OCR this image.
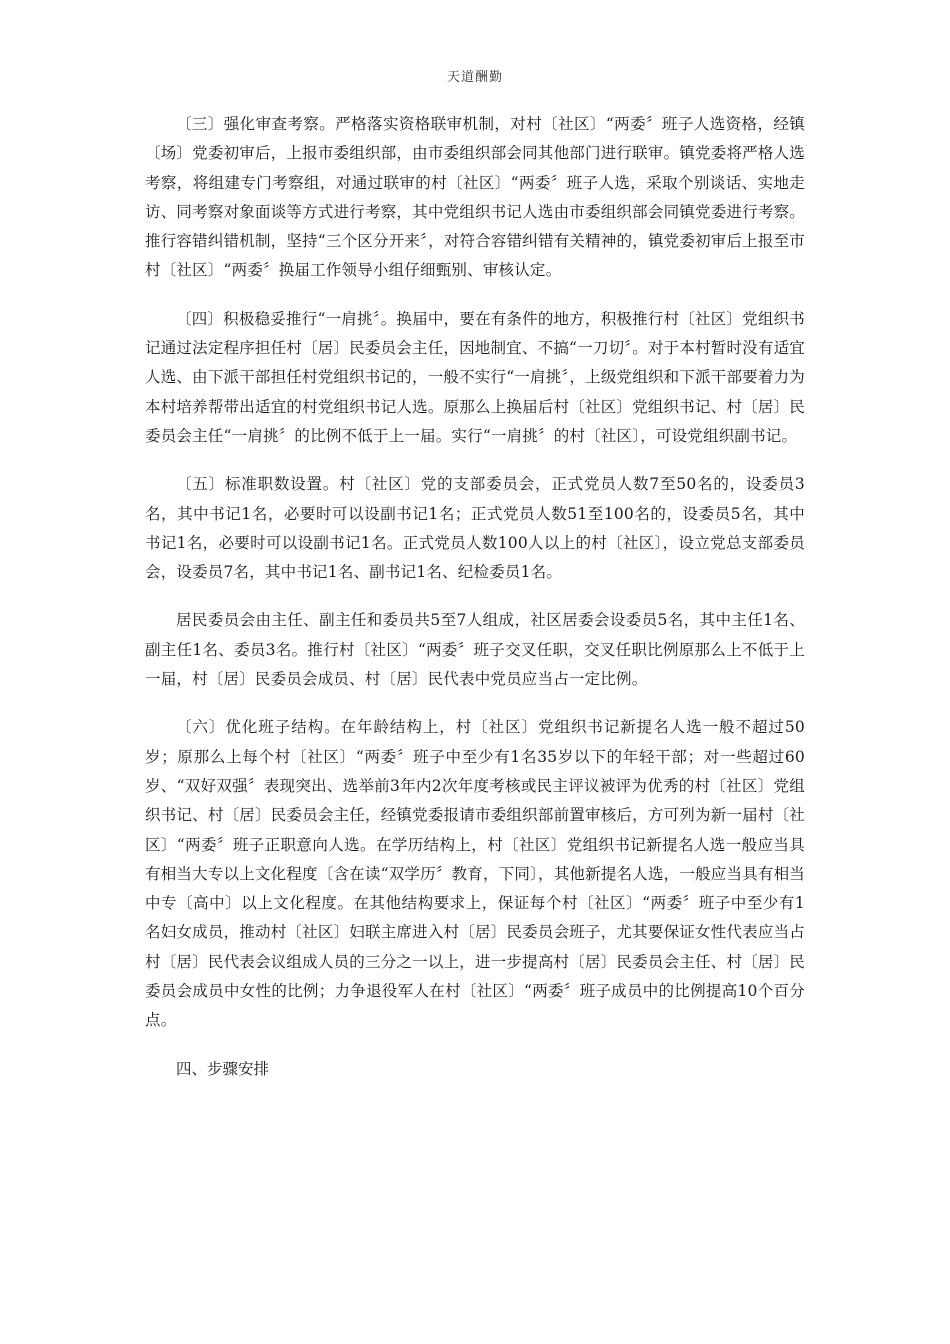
天道酬勤

〔三〕强化审查考察。严格落实资格联审机制，对村〔社区〕“两委〞班子人选资格，经镇〔场〕党委初审后，上报市委组织部，由市委组织部会同其他部门进行联审。镇党委将严格人选考察，将组建专门考察组，对通过联审的村〔社区〕“两委〞班子人选，采取个别谈话、实地走访、同考察对象面谈等方式进行考察，其中党组织书记人选由市委组织部会同镇党委进行考察。推行容错纠错机制，坚持“三个区分开来〞，对符合容错纠错有关精神的，镇党委初审后上报至市村〔社区〕“两委〞换届工作领导小组仔细甄别、审核认定。

〔四〕积极稳妥推行“一肩挑〞。换届中，要在有条件的地方，积极推行村〔社区〕党组织书记通过法定程序担任村〔居〕民委员会主任，因地制宜、不搞“一刀切〞。对于本村暂时没有适宜人选、由下派干部担任村党组织书记的，一般不实行“一肩挑〞，上级党组织和下派干部要着力为本村培养帮带出适宜的村党组织书记人选。原那么上换届后村〔社区〕党组织书记、村〔居〕民委员会主任“一肩挑〞的比例不低于上一届。实行“一肩挑〞的村〔社区〕，可设党组织副书记。

〔五〕标准职数设置。村〔社区〕党的支部委员会，正式党员人数7至50名的，设委员3名，其中书记1名，必要时可以设副书记1名；正式党员人数51至100名的，设委员5名，其中书记1名，必要时可以设副书记1名。正式党员人数100人以上的村〔社区〕，设立党总支部委员会，设委员7名，其中书记1名、副书记1名、纪检委员1名。

居民委员会由主任、副主任和委员共5至7人组成，社区居委会设委员5名，其中主任1名、副主任1名、委员3名。推行村〔社区〕“两委〞班子交叉任职，交叉任职比例原那么上不低于上一届，村〔居〕民委员会成员、村〔居〕民代表中党员应当占一定比例。

〔六〕优化班子结构。在年龄结构上，村〔社区〕党组织书记新提名人选一般不超过50岁；原那么上每个村〔社区〕“两委〞班子中至少有1名35岁以下的年轻干部；对一些超过60岁、“双好双强〞表现突出、选举前3年内2次年度考核或民主评议被评为优秀的村〔社区〕党组织书记、村〔居〕民委员会主任，经镇党委报请市委组织部前置审核后，方可列为新一届村〔社区〕“两委〞班子正职意向人选。在学历结构上，村〔社区〕党组织书记新提名人选一般应当具有相当大专以上文化程度〔含在读“双学历〞教育，下同〕，其他新提名人选，一般应当具有相当中专〔高中〕以上文化程度。在其他结构要求上，保证每个村〔社区〕“两委〞班子中至少有1名妇女成员，推动村〔社区〕妇联主席进入村〔居〕民委员会班子，尤其要保证女性代表应当占村〔居〕民代表会议组成人员的三分之一以上，进一步提高村〔居〕民委员会主任、村〔居〕民委员会成员中女性的比例；力争退役军人在村〔社区〕“两委〞班子成员中的比例提高10个百分点。

四、步骤安排
